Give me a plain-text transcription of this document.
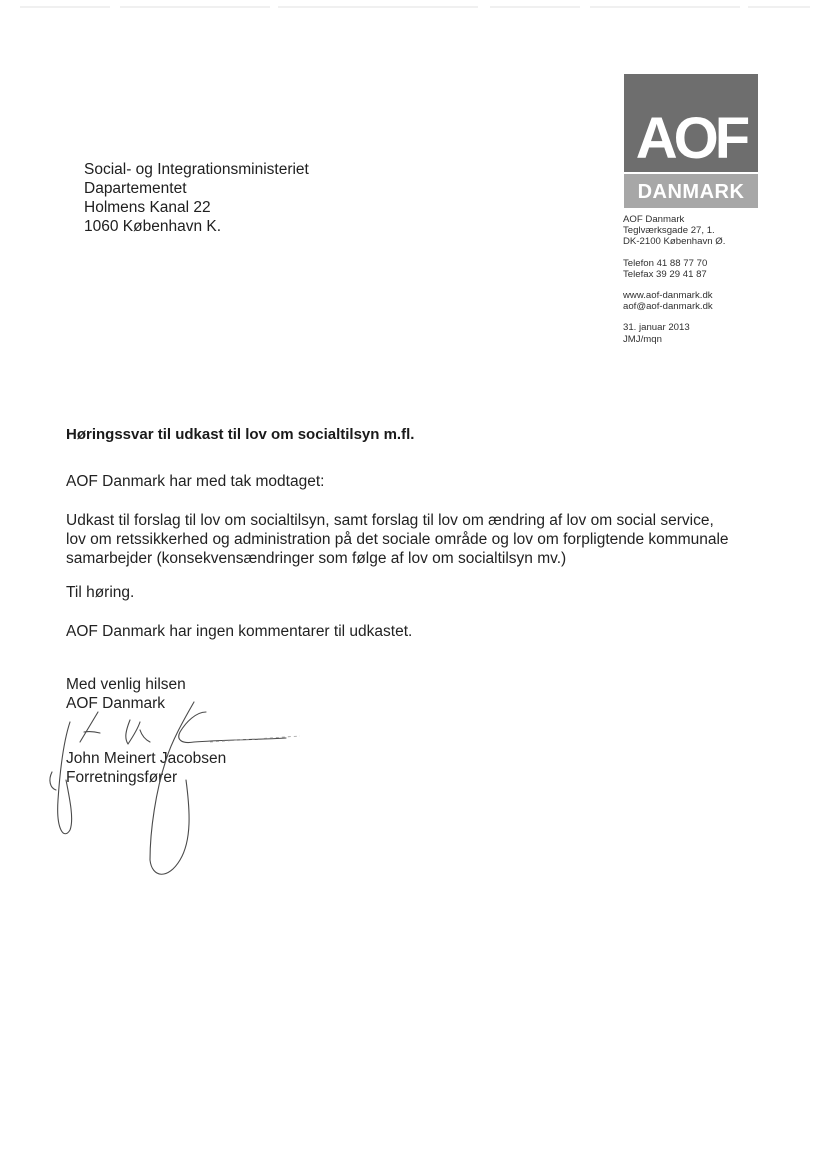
Social- og Integrationsministeriet
Dapartementet
Holmens Kanal 22
1060 København K.
AOF
DANMARK
AOF Danmark
Teglværksgade 27, 1.
DK-2100 København Ø.
Telefon 41 88 77 70
Telefax 39 29 41 87
www.aof-danmark.dk
aof@aof-danmark.dk
31. januar 2013
JMJ/mqn
Høringssvar til udkast til lov om socialtilsyn m.fl.
AOF Danmark har med tak modtaget:
Udkast til forslag til lov om socialtilsyn, samt forslag til lov om ændring af lov om social service,
lov om retssikkerhed og administration på det sociale område og lov om forpligtende kommunale
samarbejder (konsekvensændringer som følge af lov om socialtilsyn mv.)
Til høring.
AOF Danmark har ingen kommentarer til udkastet.
Med venlig hilsen
AOF Danmark
John Meinert Jacobsen
Forretningsfører
